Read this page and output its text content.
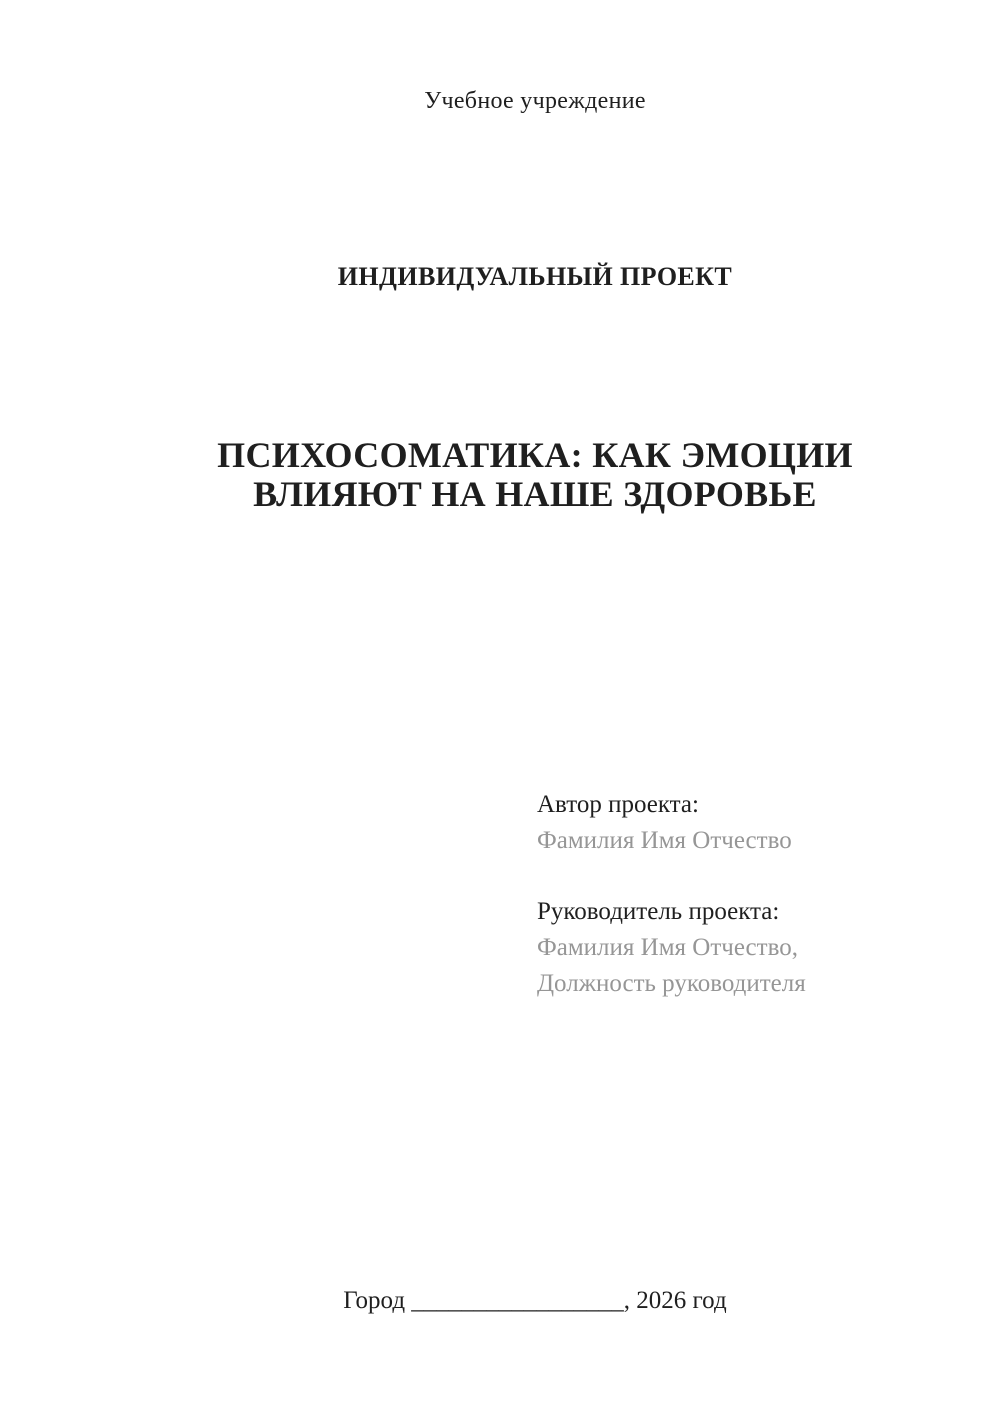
Учебное учреждение
ИНДИВИДУАЛЬНЫЙ ПРОЕКТ
ПСИХОСОМАТИКА: КАК ЭМОЦИИ
ВЛИЯЮТ НА НАШЕ ЗДОРОВЬЕ
Автор проекта:
Фамилия Имя Отчество
Руководитель проекта:
Фамилия Имя Отчество,
Должность руководителя
Город _________________, 2026 год
